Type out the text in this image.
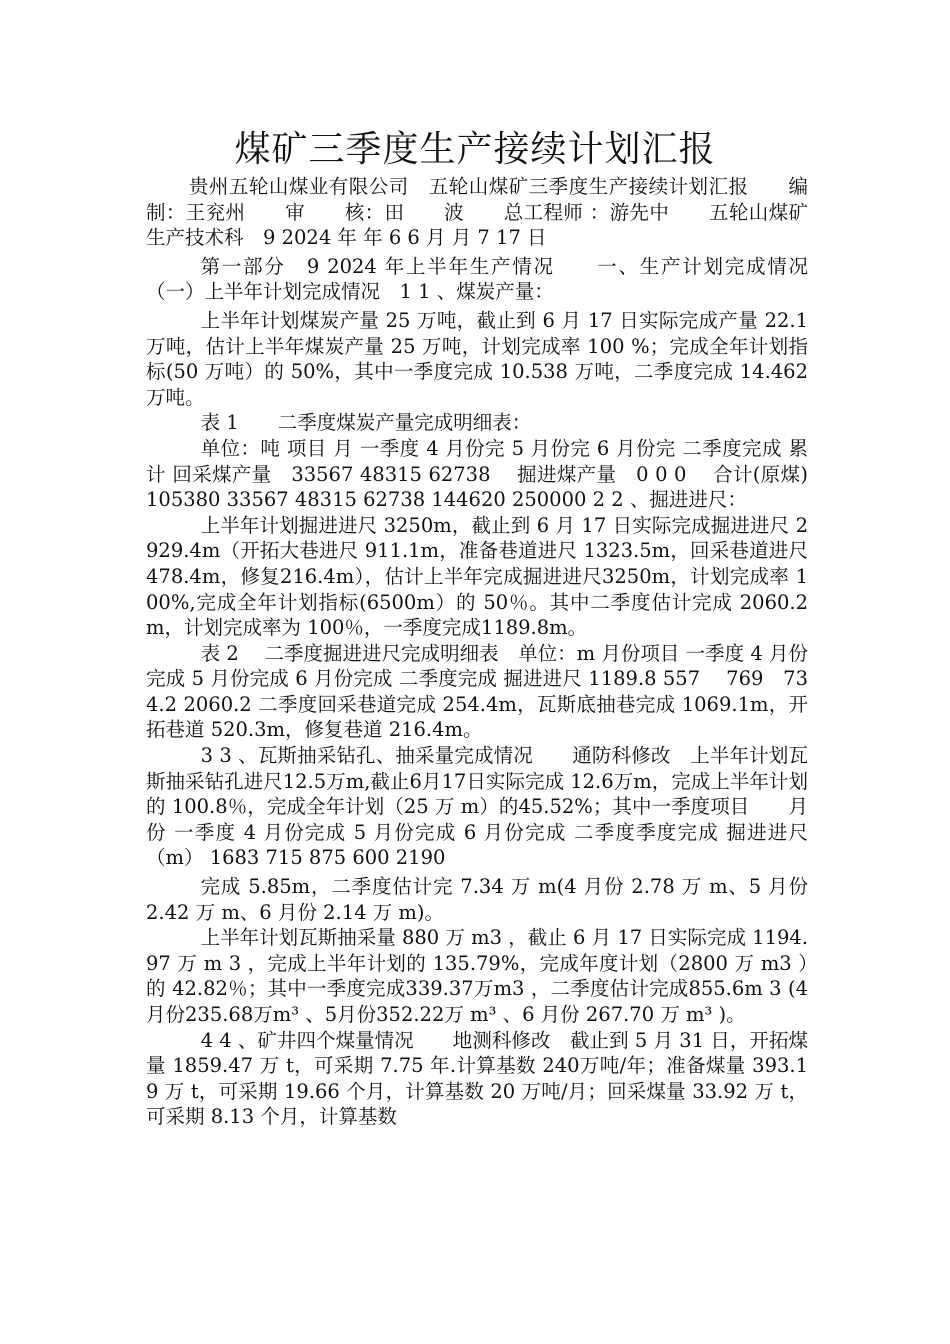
煤矿三季度生产接续计划汇报

贵州五轮山煤业有限公司　五轮山煤矿三季度生产接续计划汇报　　编　　制：王兖州　　审　　核：田　　波　　总工程师 ：游先中　　五轮山煤矿生产技术科　9 2024 年 年 6 6 月 月 7 17 日

第一部分　9 2024 年上半年生产情况　　一、生产计划完成情况　　（一）上半年计划完成情况　1 1 、煤炭产量：

上半年计划煤炭产量 25 万吨，截止到 6 月 17 日实际完成产量 22.1 万吨，估计上半年煤炭产量 25 万吨，计划完成率 100 %；完成全年计划指标(50 万吨）的 50%，其中一季度完成 10.538 万吨，二季度完成 14.462 万吨。

表 1　　二季度煤炭产量完成明细表：

单位：吨 项目 月 一季度 4 月份完 5 月份完 6 月份完 二季度完成 累计 回采煤产量　33567 48315 62738　 掘进煤产量　0 0 0　 合计(原煤) 105380 33567 48315 62738 144620 250000 2 2 、掘进进尺：

上半年计划掘进进尺 3250m，截止到 6 月 17 日实际完成掘进进尺 2929.4m（开拓大巷进尺 911.1m，准备巷道进尺 1323.5m，回采巷道进尺 478.4m，修复216.4m），估计上半年完成掘进进尺3250m，计划完成率 100%,完成全年计划指标(6500m）的 50％。其中二季度估计完成 2060.2m，计划完成率为 100％，一季度完成1189.8m。

表 2　 二季度掘进进尺完成明细表　单位：m 月份项目 一季度 4 月份完成 5 月份完成 6 月份完成 二季度完成 掘进进尺 1189.8 557　 769　734.2 2060.2 二季度回采巷道完成 254.4m，瓦斯底抽巷完成 1069.1m，开拓巷道 520.3m，修复巷道 216.4m。

3 3 、瓦斯抽采钻孔、抽采量完成情况　　通防科修改　上半年计划瓦斯抽采钻孔进尺12.5万m,截止6月17日实际完成 12.6万m，完成上半年计划的 100.8％，完成全年计划（25 万 m）的45.52%；其中一季度项目　　月份 一季度 4 月份完成 5 月份完成 6 月份完成 二季度季度完成 掘进进尺（m） 1683 715 875 600 2190

完成 5.85m，二季度估计完 7.34 万 m(4 月份 2.78 万 m、5 月份 2.42 万 m、6 月份 2.14 万 m)。

上半年计划瓦斯抽采量 880 万 m3 ，截止 6 月 17 日实际完成 1194.97 万 m 3 ，完成上半年计划的 135.79%，完成年度计划（2800 万 m3 ）的 42.82％；其中一季度完成339.37万m3 ，二季度估计完成855.6m 3 (4月份235.68万m³ 、5月份352.22万 m³ 、6 月份 267.70 万 m³ )。

4 4 、矿井四个煤量情况　　地测科修改　截止到 5 月 31 日，开拓煤量 1859.47 万 t，可采期 7.75 年.计算基数 240万吨/年；准备煤量 393.19 万 t，可采期 19.66 个月，计算基数 20 万吨/月；回采煤量 33.92 万 t，可采期 8.13 个月，计算基数
